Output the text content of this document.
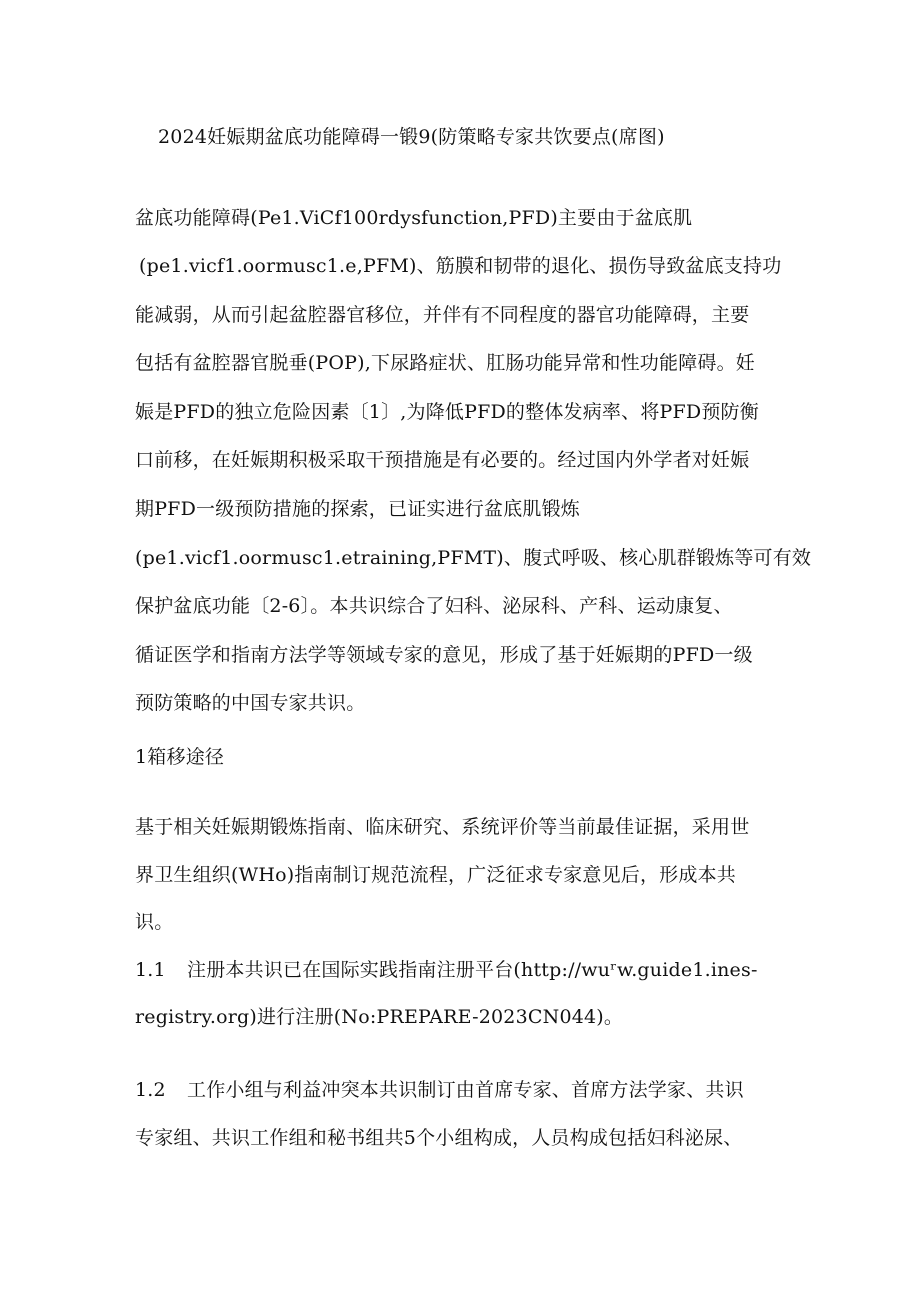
2024妊娠期盆底功能障碍一锻9(防策略专家共饮要点(席图)
盆底功能障碍(Pe1.ViCf100rdysfunction,PFD)主要由于盆底肌
(pe1.vicf1.oormusc1.e,PFM)、筋膜和韧带的退化、损伤导致盆底支持功
能减弱，从而引起盆腔器官移位，并伴有不同程度的器官功能障碍，主要
包括有盆腔器官脱垂(POP),下尿路症状、肛肠功能异常和性功能障碍。妊
娠是PFD的独立危险因素〔1〕,为降低PFD的整体发病率、将PFD预防衡
口前移，在妊娠期积极采取干预措施是有必要的。经过国内外学者对妊娠
期PFD一级预防措施的探索，已证实进行盆底肌锻炼
(pe1.vicf1.oormusc1.etraining,PFMT)、腹式呼吸、核心肌群锻炼等可有效
保护盆底功能〔2-6〕。本共识综合了妇科、泌尿科、产科、运动康复、
循证医学和指南方法学等领域专家的意见，形成了基于妊娠期的PFD一级
预防策略的中国专家共识。
1箱移途径
基于相关妊娠期锻炼指南、临床研究、系统评价等当前最佳证据，采用世
界卫生组织(WHo)指南制订规范流程，广泛征求专家意见后，形成本共
识。
1.1 注册本共识已在国际实践指南注册平台(http://wuʳw.guide1.ines-
registry.org)进行注册(No:PREPARE-2023CN044)。
1.2 工作小组与利益冲突本共识制订由首席专家、首席方法学家、共识
专家组、共识工作组和秘书组共5个小组构成，人员构成包括妇科泌尿、
